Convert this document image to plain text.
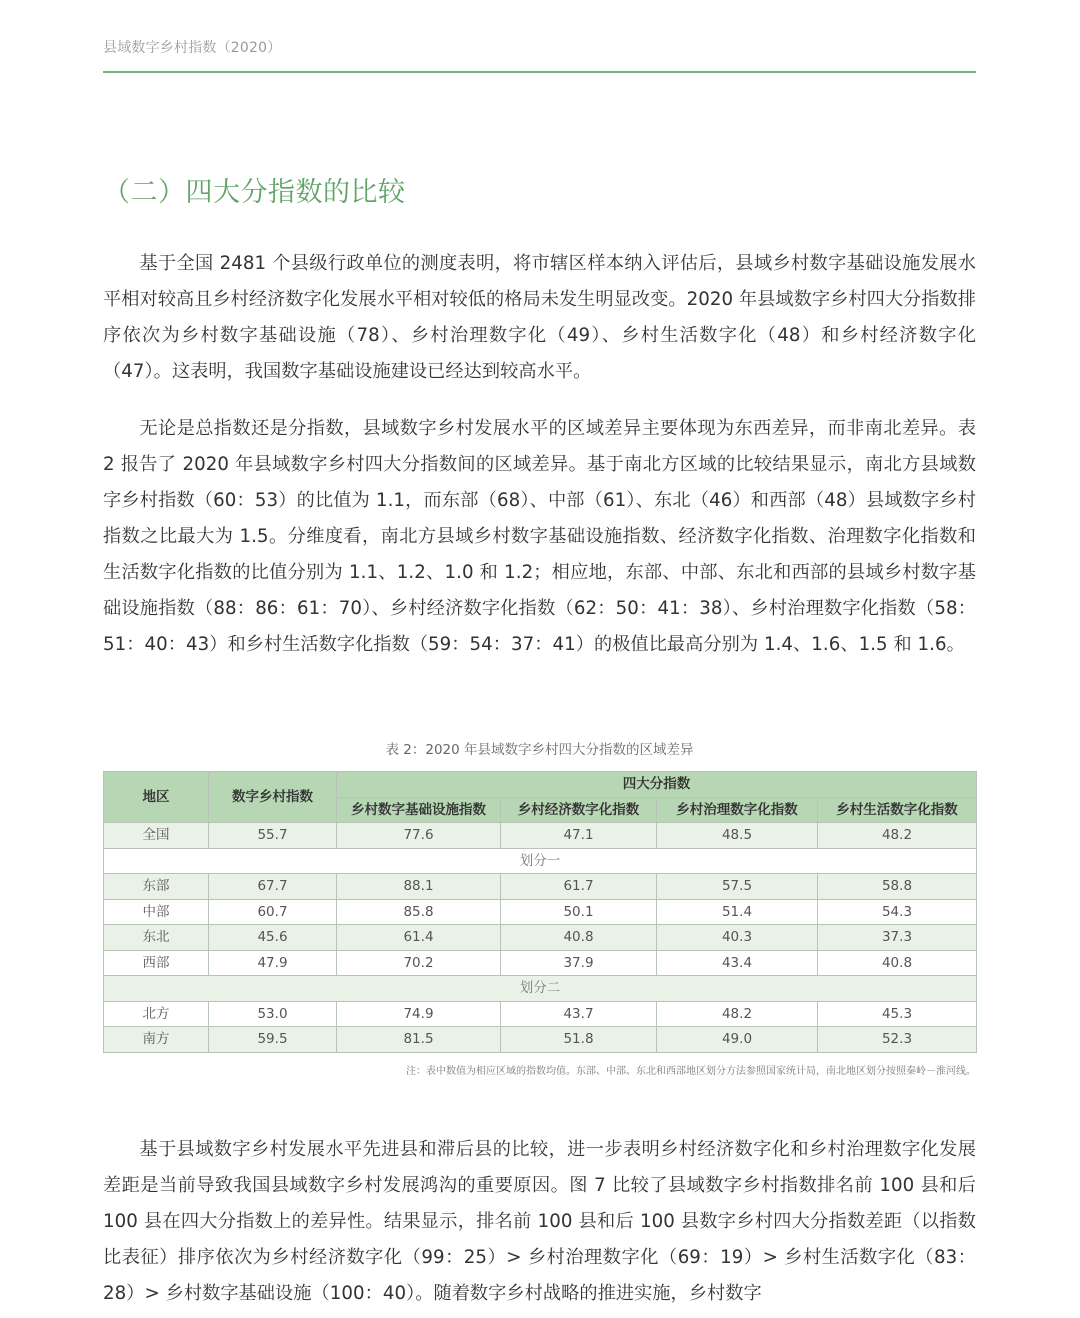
县域数字乡村指数（2020）
（二）四大分指数的比较

基于全国 2481 个县级行政单位的测度表明，将市辖区样本纳入评估后，县域乡村数字基础设施发展水平相对较高且乡村经济数字化发展水平相对较低的格局未发生明显改变。2020 年县域数字乡村四大分指数排序依次为乡村数字基础设施（78）、乡村治理数字化（49）、乡村生活数字化（48）和乡村经济数字化（47）。这表明，我国数字基础设施建设已经达到较高水平。

无论是总指数还是分指数，县域数字乡村发展水平的区域差异主要体现为东西差异，而非南北差异。表 2 报告了 2020 年县域数字乡村四大分指数间的区域差异。基于南北方区域的比较结果显示，南北方县域数字乡村指数（60：53）的比值为 1.1，而东部（68）、中部（61）、东北（46）和西部（48）县域数字乡村指数之比最大为 1.5。分维度看，南北方县域乡村数字基础设施指数、经济数字化指数、治理数字化指数和生活数字化指数的比值分别为 1.1、1.2、1.0 和 1.2；相应地，东部、中部、东北和西部的县域乡村数字基础设施指数（88：86：61：70）、乡村经济数字化指数（62：50：41：38）、乡村治理数字化指数（58：51：40：43）和乡村生活数字化指数（59：54：37：41）的极值比最高分别为 1.4、1.6、1.5 和 1.6。

表 2：2020 年县域数字乡村四大分指数的区域差异
地区	数字乡村指数	四大分指数			
		乡村数字基础设施指数	乡村经济数字化指数	乡村治理数字化指数	乡村生活数字化指数
全国	55.7	77.6	47.1	48.5	48.2
划分一					
东部	67.7	88.1	61.7	57.5	58.8
中部	60.7	85.8	50.1	51.4	54.3
东北	45.6	61.4	40.8	40.3	37.3
西部	47.9	70.2	37.9	43.4	40.8
划分二					
北方	53.0	74.9	43.7	48.2	45.3
南方	59.5	81.5	51.8	49.0	52.3
注：表中数值为相应区域的指数均值。东部、中部、东北和西部地区划分方法参照国家统计局，南北地区划分按照秦岭－淮河线。

基于县域数字乡村发展水平先进县和滞后县的比较，进一步表明乡村经济数字化和乡村治理数字化发展差距是当前导致我国县域数字乡村发展鸿沟的重要原因。图 7 比较了县域数字乡村指数排名前 100 县和后 100 县在四大分指数上的差异性。结果显示，排名前 100 县和后 100 县数字乡村四大分指数差距（以指数比表征）排序依次为乡村经济数字化（99：25）> 乡村治理数字化（69：19）> 乡村生活数字化（83：28）> 乡村数字基础设施（100：40）。随着数字乡村战略的推进实施，乡村数字
